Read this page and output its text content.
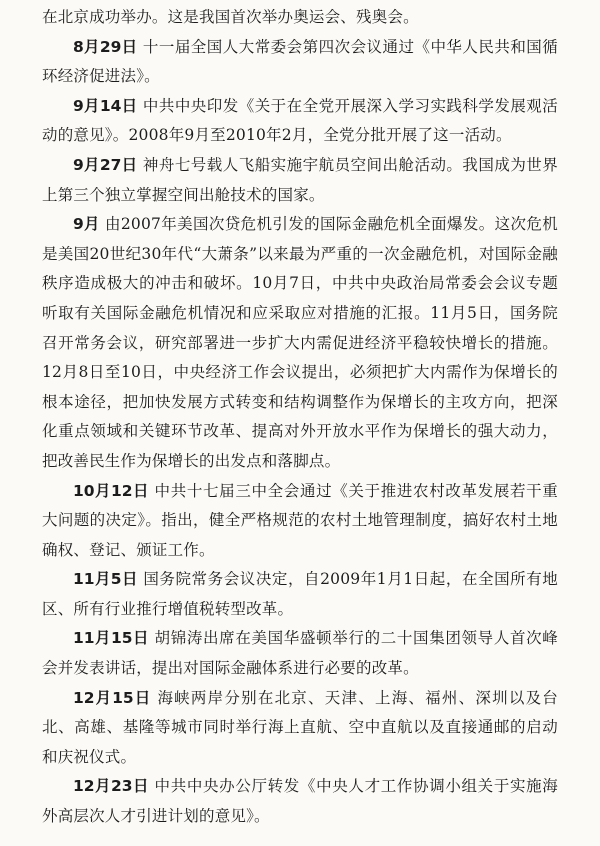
在北京成功举办。这是我国首次举办奥运会、残奥会。

8月29日 十一届全国人大常委会第四次会议通过《中华人民共和国循环经济促进法》。

9月14日 中共中央印发《关于在全党开展深入学习实践科学发展观活动的意见》。2008年9月至2010年2月，全党分批开展了这一活动。

9月27日 神舟七号载人飞船实施宇航员空间出舱活动。我国成为世界上第三个独立掌握空间出舱技术的国家。

9月 由2007年美国次贷危机引发的国际金融危机全面爆发。这次危机是美国20世纪30年代“大萧条”以来最为严重的一次金融危机，对国际金融秩序造成极大的冲击和破坏。10月7日，中共中央政治局常委会会议专题听取有关国际金融危机情况和应采取应对措施的汇报。11月5日，国务院召开常务会议，研究部署进一步扩大内需促进经济平稳较快增长的措施。12月8日至10日，中央经济工作会议提出，必须把扩大内需作为保增长的根本途径，把加快发展方式转变和结构调整作为保增长的主攻方向，把深化重点领域和关键环节改革、提高对外开放水平作为保增长的强大动力，把改善民生作为保增长的出发点和落脚点。

10月12日 中共十七届三中全会通过《关于推进农村改革发展若干重大问题的决定》。指出，健全严格规范的农村土地管理制度，搞好农村土地确权、登记、颁证工作。

11月5日 国务院常务会议决定，自2009年1月1日起，在全国所有地区、所有行业推行增值税转型改革。

11月15日 胡锦涛出席在美国华盛顿举行的二十国集团领导人首次峰会并发表讲话，提出对国际金融体系进行必要的改革。

12月15日 海峡两岸分别在北京、天津、上海、福州、深圳以及台北、高雄、基隆等城市同时举行海上直航、空中直航以及直接通邮的启动和庆祝仪式。

12月23日 中共中央办公厅转发《中央人才工作协调小组关于实施海外高层次人才引进计划的意见》。
